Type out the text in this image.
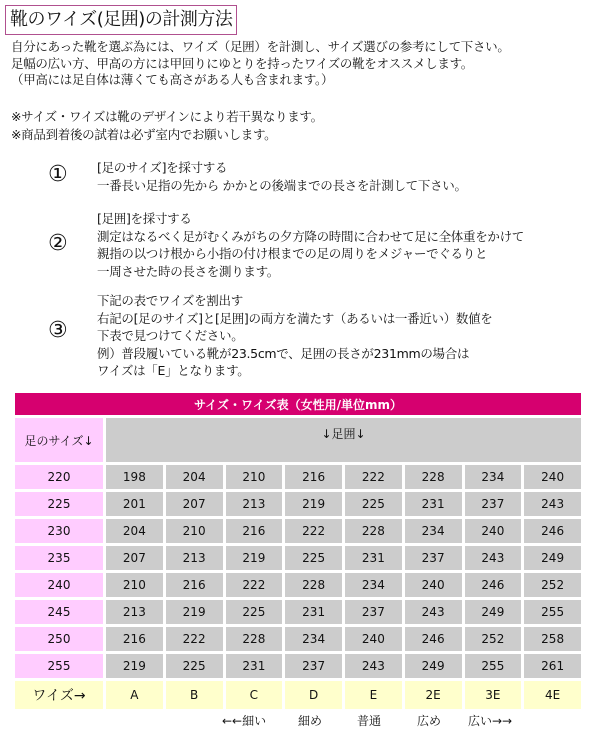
靴のワイズ(足囲)の計測方法
自分にあった靴を選ぶ為には、ワイズ（足囲）を計測し、サイズ選びの参考にして下さい。
足幅の広い方、甲高の方には甲回りにゆとりを持ったワイズの靴をオススメします。
（甲高には足自体は薄くても高さがある人も含まれます。）
※サイズ・ワイズは靴のデザインにより若干異なります。
※商品到着後の試着は必ず室内でお願いします。
① [足のサイズ]を採寸する
一番長い足指の先から かかとの後端までの長さを計測して下さい。
②
[足囲]を採寸する
測定はなるべく足がむくみがちの夕方降の時間に合わせて足に全体重をかけて
親指の以つけ根から小指の付け根までの足の周りをメジャーでぐるりと
一周させた時の長さを測ります。
③
下記の表でワイズを割出す
右記の[足のサイズ]と[足囲]の両方を満たす（あるいは一番近い）数値を
下表で見つけてください。
例）普段履いている靴が23.5cmで、足囲の長さが231mmの場合は
ワイズは「E」となります。
サイズ・ワイズ表（女性用/単位mm）
足のサイズ↓	↓足囲↓
220	198	204	210	216	222	228	234	240
225	201	207	213	219	225	231	237	243
230	204	210	216	222	228	234	240	246
235	207	213	219	225	231	237	243	249
240	210	216	222	228	234	240	246	252
245	213	219	225	231	237	243	249	255
250	216	222	228	234	240	246	252	258
255	219	225	231	237	243	249	255	261
ワイズ→	A	B	C	D	E	2E	3E	4E
←←細い	細め	普通	広め 広い→→
